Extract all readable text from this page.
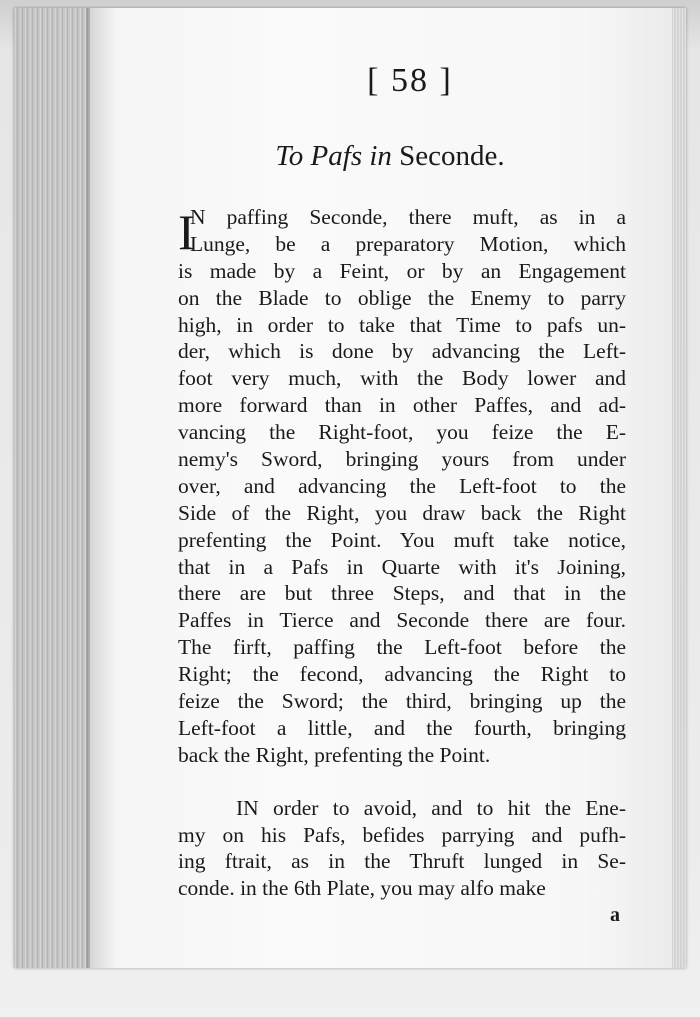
[ 58 ]
To Pafs in Seconde.
I
N paffing Seconde, there muft, as in a
Lunge, be a preparatory Motion, which
is made by a Feint, or by an Engagement
on the Blade to oblige the Enemy to parry
high, in order to take that Time to pafs un-
der, which is done by advancing the Left-
foot very much, with the Body lower and
more forward than in other Paffes, and ad-
vancing the Right-foot, you feize the E-
nemy's Sword, bringing yours from under
over, and advancing the Left-foot to the
Side of the Right, you draw back the Right
prefenting the Point. You muft take notice,
that in a Pafs in Quarte with it's Joining,
there are but three Steps, and that in the
Paffes in Tierce and Seconde there are four.
The firft, paffing the Left-foot before the
Right; the fecond, advancing the Right to
feize the Sword; the third, bringing up the
Left-foot a little, and the fourth, bringing
back the Right, prefenting the Point.
IN order to avoid, and to hit the Ene-
my on his Pafs, befides parrying and pufh-
ing ftrait, as in the Thruft lunged in Se-
conde. in the 6th Plate, you may alfo make
a
